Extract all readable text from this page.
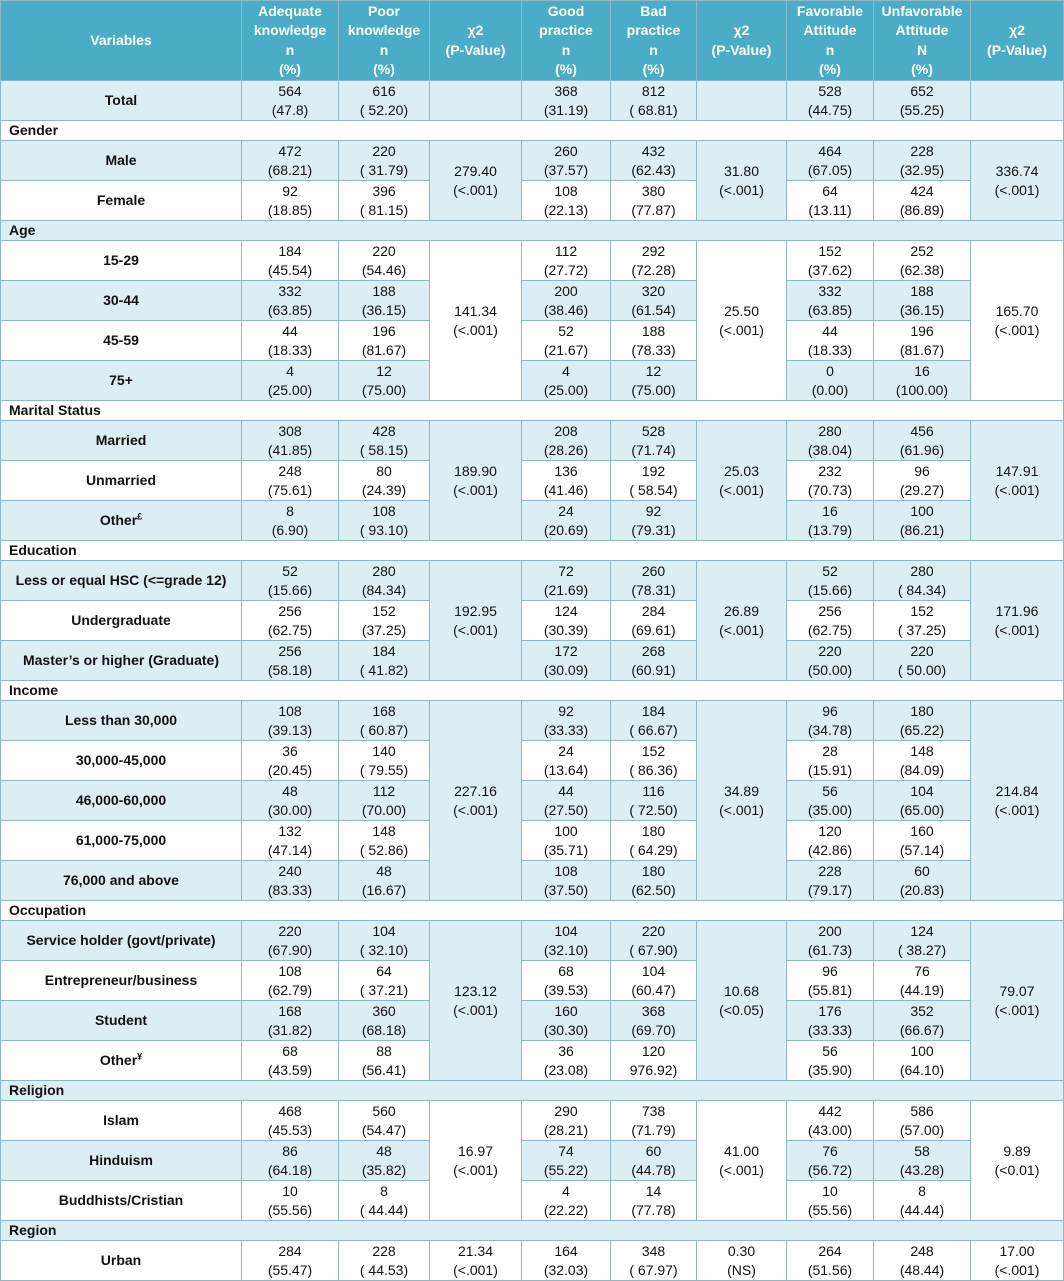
Variables	Adequate
knowledge
n
(%)	Poor
knowledge
n
(%)	χ2
(P-Value)	Good
practice
n
(%)	Bad
practice
n
(%)	χ2
(P-Value)	Favorable
Attitude
n
(%)	Unfavorable
Attitude
N
(%)	χ2
(P-Value)

Total	564
(47.8)	616
( 52.20)		368
(31.19)	812
( 68.81)		528
(44.75)	652
(55.25)	

Gender									
Male	472
(68.21)	220
( 31.79)	279.40
(<.001)	260
(37.57)	432
(62.43)	31.80
(<.001)	464
(67.05)	228
(32.95)	336.74
(<.001)

Female	92
(18.85)	396
( 81.15)		108
(22.13)	380
(77.87)		64
(13.11)	424
(86.89)	

Age									
15-29	184
(45.54)	220
(54.46)	141.34
(<.001)	112
(27.72)	292
(72.28)	25.50
(<.001)	152
(37.62)	252
(62.38)	165.70
(<.001)

30-44	332
(63.85)	188
(36.15)		200
(38.46)	320
(61.54)		332
(63.85)	188
(36.15)	

45-59	44
(18.33)	196
(81.67)		52
(21.67)	188
(78.33)		44
(18.33)	196
(81.67)	

75+	4
(25.00)	12
(75.00)		4
(25.00)	12
(75.00)		0
(0.00)	16
(100.00)	

Marital Status									
Married	308
(41.85)	428
( 58.15)	189.90
(<.001)	208
(28.26)	528
(71.74)	25.03
(<.001)	280
(38.04)	456
(61.96)	147.91
(<.001)

Unmarried	248
(75.61)	80
(24.39)		136
(41.46)	192
( 58.54)		232
(70.73)	96
(29.27)	

Other£	8
(6.90)	108
( 93.10)		24
(20.69)	92
(79.31)		16
(13.79)	100
(86.21)	

Education									
Less or equal HSC (<=grade 12)	52
(15.66)	280
(84.34)	192.95
(<.001)	72
(21.69)	260
(78.31)	26.89
(<.001)	52
(15.66)	280
( 84.34)	171.96
(<.001)

Undergraduate	256
(62.75)	152
(37.25)		124
(30.39)	284
(69.61)		256
(62.75)	152
( 37.25)	

Master’s or higher (Graduate)	256
(58.18)	184
( 41.82)		172
(30.09)	268
(60.91)		220
(50.00)	220
( 50.00)	

Income									
Less than 30,000	108
(39.13)	168
( 60.87)	227.16
(<.001)	92
(33.33)	184
( 66.67)	34.89
(<.001)	96
(34.78)	180
(65.22)	214.84
(<.001)

30,000-45,000	36
(20.45)	140
( 79.55)		24
(13.64)	152
( 86.36)		28
(15.91)	148
(84.09)	

46,000-60,000	48
(30.00)	112
(70.00)		44
(27.50)	116
( 72.50)		56
(35.00)	104
(65.00)	

61,000-75,000	132
(47.14)	148
( 52.86)		100
(35.71)	180
( 64.29)		120
(42.86)	160
(57.14)	

76,000 and above	240
(83.33)	48
(16.67)		108
(37.50)	180
(62.50)		228
(79.17)	60
(20.83)	

Occupation									
Service holder (govt/private)	220
(67.90)	104
( 32.10)	123.12
(<.001)	104
(32.10)	220
( 67.90)	10.68
(<0.05)	200
(61.73)	124
( 38.27)	79.07
(<.001)

Entrepreneur/business	108
(62.79)	64
( 37.21)		68
(39.53)	104
(60.47)		96
(55.81)	76
(44.19)	

Student	168
(31.82)	360
(68.18)		160
(30.30)	368
(69.70)		176
(33.33)	352
(66.67)	

Other¥	68
(43.59)	88
(56.41)		36
(23.08)	120
976.92)		56
(35.90)	100
(64.10)	

Religion									
Islam	468
(45.53)	560
(54.47)	16.97
(<.001)	290
(28.21)	738
(71.79)	41.00
(<.001)	442
(43.00)	586
(57.00)	9.89
(<0.01)

Hinduism	86
(64.18)	48
(35.82)		74
(55.22)	60
(44.78)		76
(56.72)	58
(43.28)	

Buddhists/Cristian	10
(55.56)	8
( 44.44)		4
(22.22)	14
(77.78)		10
(55.56)	8
(44.44)	

Region									
Urban	284
(55.47)	228
( 44.53)	21.34
(<.001)	164
(32.03)	348
( 67.97)	0.30
(NS)	264
(51.56)	248
(48.44)	17.00
(<.001)
